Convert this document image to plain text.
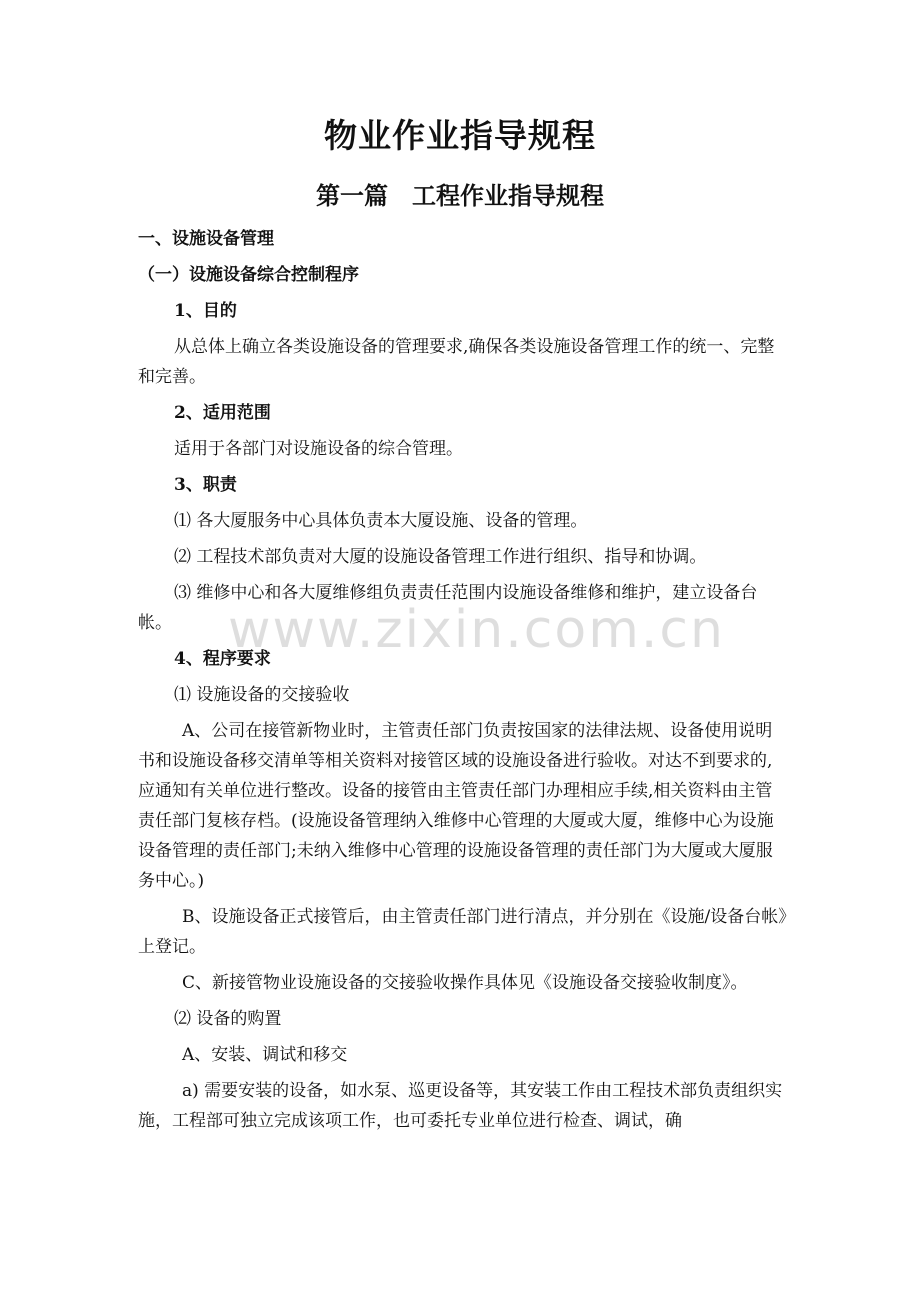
物业作业指导规程
第一篇　工程作业指导规程

一、设施设备管理

（一）设施设备综合控制程序

1、目的

从总体上确立各类设施设备的管理要求,确保各类设施设备管理工作的统一、完整和完善。

2、适用范围

适用于各部门对设施设备的综合管理。

3、职责

⑴ 各大厦服务中心具体负责本大厦设施、设备的管理。

⑵ 工程技术部负责对大厦的设施设备管理工作进行组织、指导和协调。

⑶ 维修中心和各大厦维修组负责责任范围内设施设备维修和维护，建立设备台帐。

4、程序要求

⑴ 设施设备的交接验收

A、公司在接管新物业时，主管责任部门负责按国家的法律法规、设备使用说明书和设施设备移交清单等相关资料对接管区域的设施设备进行验收。对达不到要求的,应通知有关单位进行整改。设备的接管由主管责任部门办理相应手续,相关资料由主管责任部门复核存档。(设施设备管理纳入维修中心管理的大厦或大厦，维修中心为设施设备管理的责任部门;未纳入维修中心管理的设施设备管理的责任部门为大厦或大厦服务中心。)

B、设施设备正式接管后，由主管责任部门进行清点，并分别在《设施/设备台帐》上登记。

C、新接管物业设施设备的交接验收操作具体见《设施设备交接验收制度》。

⑵ 设备的购置

A、安装、调试和移交

a) 需要安装的设备，如水泵、巡更设备等，其安装工作由工程技术部负责组织实施，工程部可独立完成该项工作，也可委托专业单位进行检查、调试，确

www.zixin.com.cn
